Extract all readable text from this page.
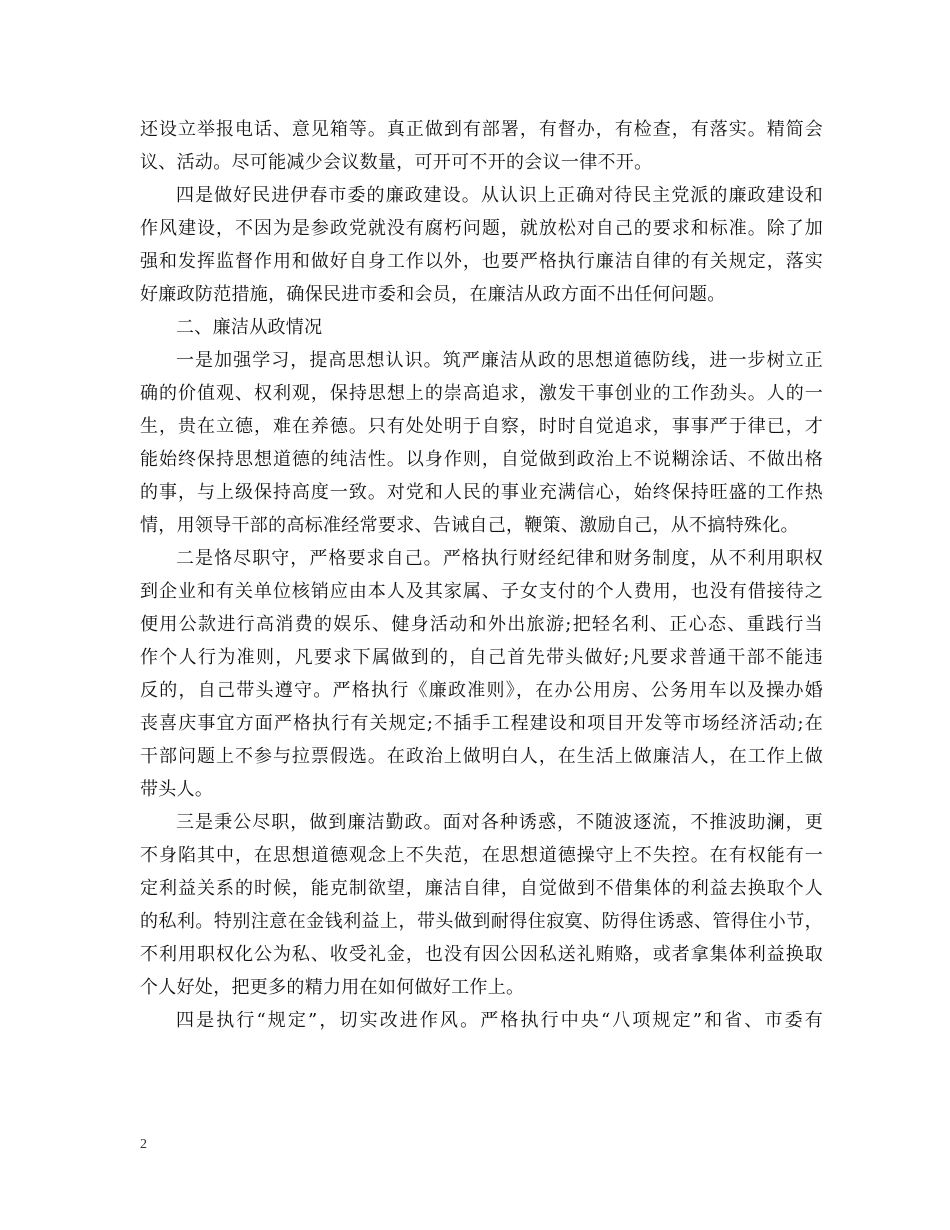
还设立举报电话、意见箱等。真正做到有部署，有督办，有检查，有落实。精简会
议、活动。尽可能减少会议数量，可开可不开的会议一律不开。
四是做好民进伊春市委的廉政建设。从认识上正确对待民主党派的廉政建设和
作风建设，不因为是参政党就没有腐朽问题，就放松对自己的要求和标准。除了加
强和发挥监督作用和做好自身工作以外，也要严格执行廉洁自律的有关规定，落实
好廉政防范措施，确保民进市委和会员，在廉洁从政方面不出任何问题。
二、廉洁从政情况
一是加强学习，提高思想认识。筑严廉洁从政的思想道德防线，进一步树立正
确的价值观、权利观，保持思想上的崇高追求，激发干事创业的工作劲头。人的一
生，贵在立德，难在养德。只有处处明于自察，时时自觉追求，事事严于律已，才
能始终保持思想道德的纯洁性。以身作则，自觉做到政治上不说糊涂话、不做出格
的事，与上级保持高度一致。对党和人民的事业充满信心，始终保持旺盛的工作热
情，用领导干部的高标准经常要求、告诫自己，鞭策、激励自己，从不搞特殊化。
二是恪尽职守，严格要求自己。严格执行财经纪律和财务制度，从不利用职权
到企业和有关单位核销应由本人及其家属、子女支付的个人费用，也没有借接待之
便用公款进行高消费的娱乐、健身活动和外出旅游;把轻名利、正心态、重践行当
作个人行为准则，凡要求下属做到的，自己首先带头做好;凡要求普通干部不能违
反的，自己带头遵守。严格执行《廉政准则》，在办公用房、公务用车以及操办婚
丧喜庆事宜方面严格执行有关规定;不插手工程建设和项目开发等市场经济活动;在
干部问题上不参与拉票假选。在政治上做明白人，在生活上做廉洁人，在工作上做
带头人。
三是秉公尽职，做到廉洁勤政。面对各种诱惑，不随波逐流，不推波助澜，更
不身陷其中，在思想道德观念上不失范，在思想道德操守上不失控。在有权能有一
定利益关系的时候，能克制欲望，廉洁自律，自觉做到不借集体的利益去换取个人
的私利。特别注意在金钱利益上，带头做到耐得住寂寞、防得住诱惑、管得住小节，
不利用职权化公为私、收受礼金，也没有因公因私送礼贿赂，或者拿集体利益换取
个人好处，把更多的精力用在如何做好工作上。
四是执行“规定”，切实改进作风。严格执行中央“八项规定”和省、市委有
2
